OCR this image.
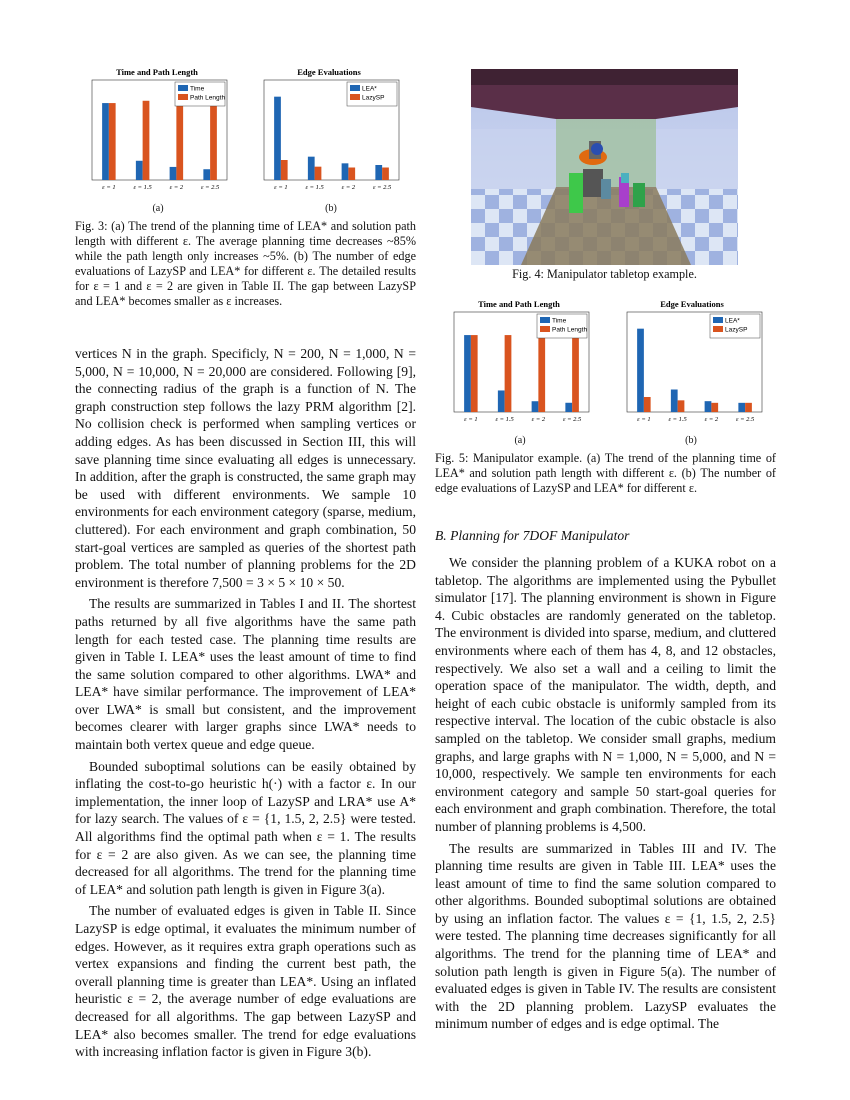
Time and Path Length
ε = 1	ε = 1.5	ε = 2	ε = 2.5
Time
Path Length
Edge Evaluations
ε = 1	ε = 1.5	ε = 2	ε = 2.5
LEA*
LazySP
(a)	(b)

Fig. 3: (a) The trend of the planning time of LEA* and solution path length with different ε. The average planning time decreases ~85% while the path length only increases ~5%. (b) The number of edge evaluations of LazySP and LEA* for different ε. The detailed results for ε = 1 and ε = 2 are given in Table II. The gap between LazySP and LEA* becomes smaller as ε increases.

vertices N in the graph. Specificly, N = 200, N = 1,000, N = 5,000, N = 10,000, N = 20,000 are considered. Following [9], the connecting radius of the graph is a function of N. The graph construction step follows the lazy PRM algorithm [2]. No collision check is performed when sampling vertices or adding edges. As has been discussed in Section III, this will save planning time since evaluating all edges is unnecessary. In addition, after the graph is constructed, the same graph may be used with different environments. We sample 10 environments for each environment category (sparse, medium, cluttered). For each environment and graph combination, 50 start-goal vertices are sampled as queries of the shortest path problem. The total number of planning problems for the 2D environment is therefore 7,500 = 3 × 5 × 10 × 50.

The results are summarized in Tables I and II. The shortest paths returned by all five algorithms have the same path length for each tested case. The planning time results are given in Table I. LEA* uses the least amount of time to find the same solution compared to other algorithms. LWA* and LEA* have similar performance. The improvement of LEA* over LWA* is small but consistent, and the improvement becomes clearer with larger graphs since LWA* needs to maintain both vertex queue and edge queue.

Bounded suboptimal solutions can be easily obtained by inflating the cost-to-go heuristic h(·) with a factor ε. In our implementation, the inner loop of LazySP and LRA* use A* for lazy search. The values of ε = {1, 1.5, 2, 2.5} were tested. All algorithms find the optimal path when ε = 1. The results for ε = 2 are also given. As we can see, the planning time decreased for all algorithms. The trend for the planning time of LEA* and solution path length is given in Figure 3(a).

The number of evaluated edges is given in Table II. Since LazySP is edge optimal, it evaluates the minimum number of edges. However, as it requires extra graph operations such as vertex expansions and finding the current best path, the overall planning time is greater than LEA*. Using an inflated heuristic ε = 2, the average number of edge evaluations are decreased for all algorithms. The gap between LazySP and LEA* also becomes smaller. The trend for edge evaluations with increasing inflation factor is given in Figure 3(b).

Fig. 4: Manipulator tabletop example.

Time and Path Length
ε = 1	ε = 1.5	ε = 2	ε = 2.5
Time
Path Length
Edge Evaluations
ε = 1	ε = 1.5	ε = 2	ε = 2.5
LEA*
LazySP
(a)	(b)

Fig. 5: Manipulator example. (a) The trend of the planning time of LEA* and solution path length with different ε. (b) The number of edge evaluations of LazySP and LEA* for different ε.

B. Planning for 7DOF Manipulator

We consider the planning problem of a KUKA robot on a tabletop. The algorithms are implemented using the Pybullet simulator [17]. The planning environment is shown in Figure 4. Cubic obstacles are randomly generated on the tabletop. The environment is divided into sparse, medium, and cluttered environments where each of them has 4, 8, and 12 obstacles, respectively. We also set a wall and a ceiling to limit the operation space of the manipulator. The width, depth, and height of each cubic obstacle is uniformly sampled from its respective interval. The location of the cubic obstacle is also sampled on the tabletop. We consider small graphs, medium graphs, and large graphs with N = 1,000, N = 5,000, and N = 10,000, respectively. We sample ten environments for each environment category and sample 50 start-goal queries for each environment and graph combination. Therefore, the total number of planning problems is 4,500.

The results are summarized in Tables III and IV. The planning time results are given in Table III. LEA* uses the least amount of time to find the same solution compared to other algorithms. Bounded suboptimal solutions are obtained by using an inflation factor. The values ε = {1, 1.5, 2, 2.5} were tested. The planning time decreases significantly for all algorithms. The trend for the planning time of LEA* and solution path length is given in Figure 5(a). The number of evaluated edges is given in Table IV. The results are consistent with the 2D planning problem. LazySP evaluates the minimum number of edges and is edge optimal. The
